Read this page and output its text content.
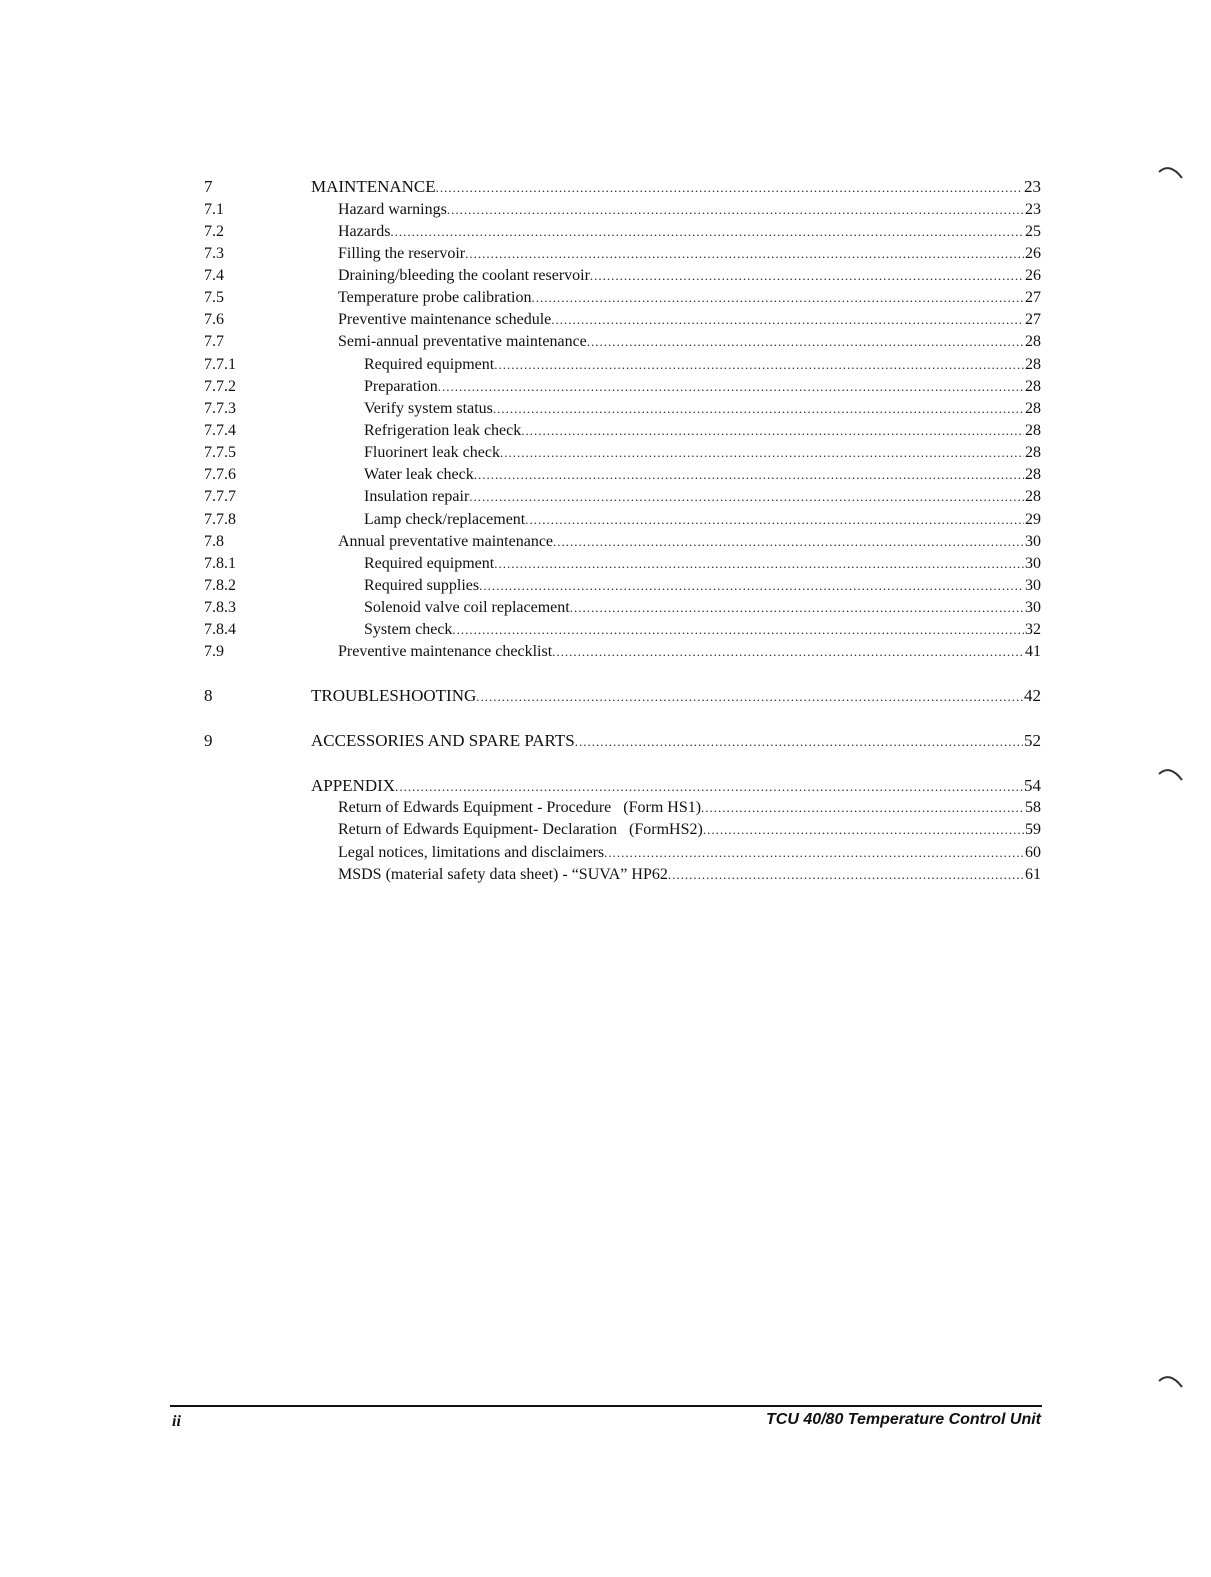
7	MAINTENANCE .....	23
7.1	Hazard warnings .....	23
7.2	Hazards .....	25
7.3	Filling the reservoir .....	26
7.4	Draining/bleeding the coolant reservoir .....	26
7.5	Temperature probe calibration .....	27
7.6	Preventive maintenance schedule .....	27
7.7	Semi-annual preventative maintenance .....	28
7.7.1	Required equipment .....	28
7.7.2	Preparation .....	28
7.7.3	Verify system status .....	28
7.7.4	Refrigeration leak check .....	28
7.7.5	Fluorinert leak check .....	28
7.7.6	Water leak check .....	28
7.7.7	Insulation repair .....	28
7.7.8	Lamp check/replacement .....	29
7.8	Annual preventative maintenance .....	30
7.8.1	Required equipment .....	30
7.8.2	Required supplies .....	30
7.8.3	Solenoid valve coil replacement .....	30
7.8.4	System check .....	32
7.9	Preventive maintenance checklist .....	41
8	TROUBLESHOOTING .....	42
9	ACCESSORIES AND SPARE PARTS .....	52
APPENDIX .....	54
Return of Edwards Equipment - Procedure   (Form HS1) .....	58
Return of Edwards Equipment- Declaration   (FormHS2) .....	59
Legal notices, limitations and disclaimers .....	60
MSDS (material safety data sheet) - “SUVA” HP62 .....	61
ii	TCU 40/80 Temperature Control Unit
